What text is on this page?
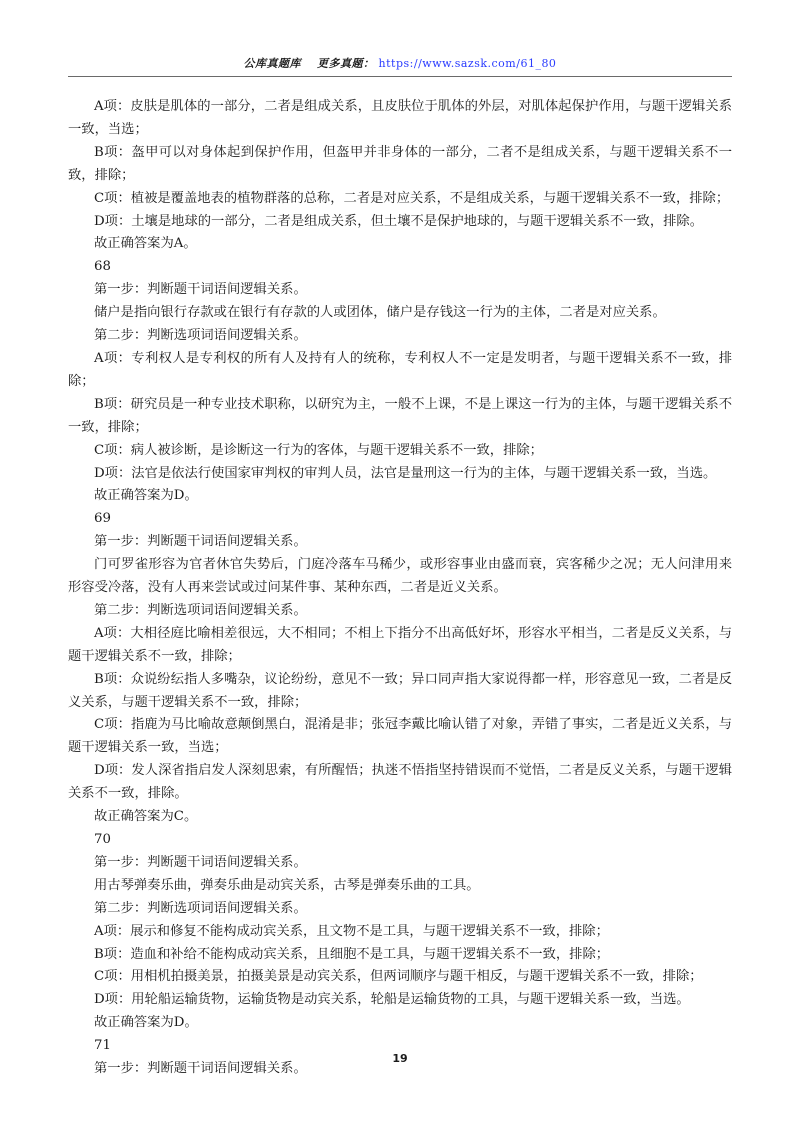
公库真题库 更多真题： https://www.sazsk.com/61_80

A项：皮肤是肌体的一部分，二者是组成关系，且皮肤位于肌体的外层，对肌体起保护作用，与题干逻辑关系一致，当选；

B项：盔甲可以对身体起到保护作用，但盔甲并非身体的一部分，二者不是组成关系，与题干逻辑关系不一致，排除；

C项：植被是覆盖地表的植物群落的总称，二者是对应关系，不是组成关系，与题干逻辑关系不一致，排除；

D项：土壤是地球的一部分，二者是组成关系，但土壤不是保护地球的，与题干逻辑关系不一致，排除。

故正确答案为A。

68

第一步：判断题干词语间逻辑关系。

储户是指向银行存款或在银行有存款的人或团体，储户是存钱这一行为的主体，二者是对应关系。

第二步：判断选项词语间逻辑关系。

A项：专利权人是专利权的所有人及持有人的统称，专利权人不一定是发明者，与题干逻辑关系不一致，排除；

B项：研究员是一种专业技术职称，以研究为主，一般不上课，不是上课这一行为的主体，与题干逻辑关系不一致，排除；

C项：病人被诊断，是诊断这一行为的客体，与题干逻辑关系不一致，排除；

D项：法官是依法行使国家审判权的审判人员，法官是量刑这一行为的主体，与题干逻辑关系一致，当选。

故正确答案为D。

69

第一步：判断题干词语间逻辑关系。

门可罗雀形容为官者休官失势后，门庭冷落车马稀少，或形容事业由盛而衰，宾客稀少之况；无人问津用来形容受冷落，没有人再来尝试或过问某件事、某种东西，二者是近义关系。

第二步：判断选项词语间逻辑关系。

A项：大相径庭比喻相差很远，大不相同；不相上下指分不出高低好坏，形容水平相当，二者是反义关系，与题干逻辑关系不一致，排除；

B项：众说纷纭指人多嘴杂，议论纷纷，意见不一致；异口同声指大家说得都一样，形容意见一致，二者是反义关系，与题干逻辑关系不一致，排除；

C项：指鹿为马比喻故意颠倒黑白，混淆是非；张冠李戴比喻认错了对象，弄错了事实，二者是近义关系，与题干逻辑关系一致，当选；

D项：发人深省指启发人深刻思索，有所醒悟；执迷不悟指坚持错误而不觉悟，二者是反义关系，与题干逻辑关系不一致，排除。

故正确答案为C。

70

第一步：判断题干词语间逻辑关系。

用古琴弹奏乐曲，弹奏乐曲是动宾关系，古琴是弹奏乐曲的工具。

第二步：判断选项词语间逻辑关系。

A项：展示和修复不能构成动宾关系，且文物不是工具，与题干逻辑关系不一致，排除；

B项：造血和补给不能构成动宾关系，且细胞不是工具，与题干逻辑关系不一致，排除；

C项：用相机拍摄美景，拍摄美景是动宾关系，但两词顺序与题干相反，与题干逻辑关系不一致，排除；

D项：用轮船运输货物，运输货物是动宾关系，轮船是运输货物的工具，与题干逻辑关系一致，当选。

故正确答案为D。

71

第一步：判断题干词语间逻辑关系。

19
